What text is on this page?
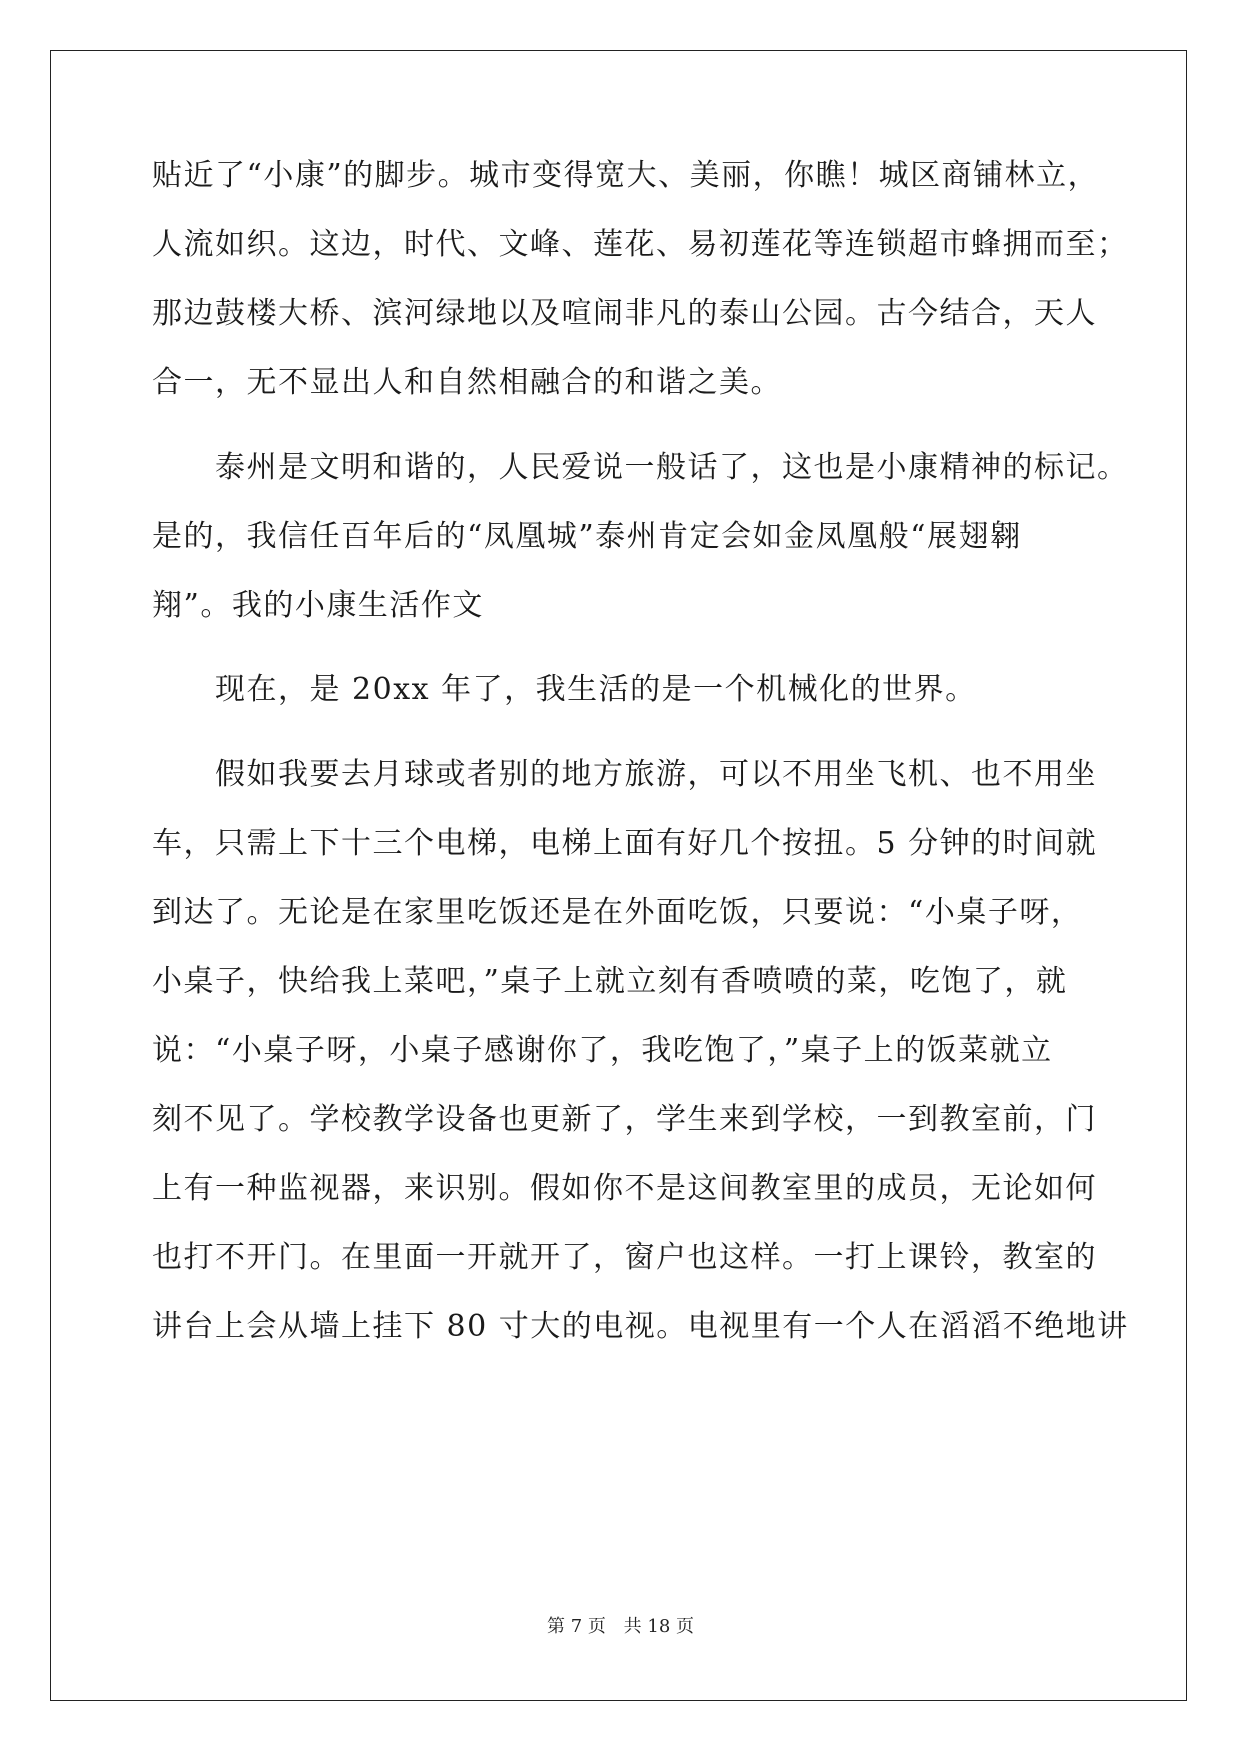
贴近了“小康”的脚步。城市变得宽大、美丽，你瞧！城区商铺林立，
人流如织。这边，时代、文峰、莲花、易初莲花等连锁超市蜂拥而至；
那边鼓楼大桥、滨河绿地以及喧闹非凡的泰山公园。古今结合，天人
合一，无不显出人和自然相融合的和谐之美。
泰州是文明和谐的，人民爱说一般话了，这也是小康精神的标记。
是的，我信任百年后的“凤凰城”泰州肯定会如金凤凰般“展翅翱
翔”。我的小康生活作文
现在，是 20xx 年了，我生活的是一个机械化的世界。
假如我要去月球或者别的地方旅游，可以不用坐飞机、也不用坐
车，只需上下十三个电梯，电梯上面有好几个按扭。5 分钟的时间就
到达了。无论是在家里吃饭还是在外面吃饭，只要说：“小桌子呀，
小桌子，快给我上菜吧，”桌子上就立刻有香喷喷的菜，吃饱了，就
说：“小桌子呀，小桌子感谢你了，我吃饱了，”桌子上的饭菜就立
刻不见了。学校教学设备也更新了，学生来到学校，一到教室前，门
上有一种监视器，来识别。假如你不是这间教室里的成员，无论如何
也打不开门。在里面一开就开了，窗户也这样。一打上课铃，教室的
讲台上会从墙上挂下 80 寸大的电视。电视里有一个人在滔滔不绝地讲
第 7 页 共 18 页
